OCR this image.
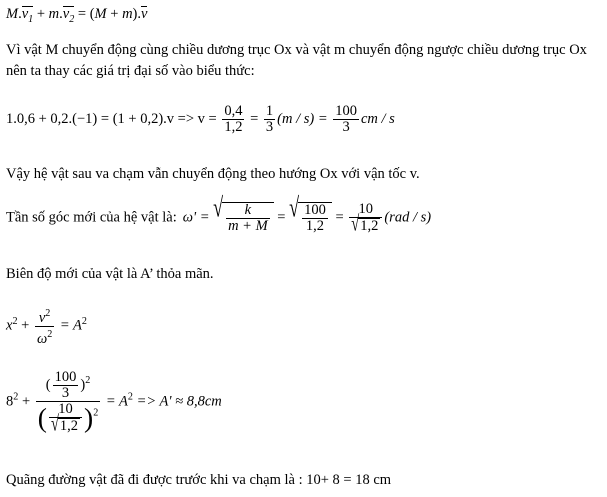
$M.v_1 + m.v_2 = (M + m).v$
Vì vật M chuyển động cùng chiều dương trục Ox và vật m chuyển động ngược chiều dương trục Ox nên ta thay các giá trị đại số vào biểu thức:
$1.0,6 + 0,2.(-1) = (1 + 0,2).v => v = \frac{0,4}{1,2} = \frac{1}{3} (m / s) = \frac{100}{3}$ cm / s
Vậy hệ vật sau va chạm vẫn chuyển động theo hướng Ox với vận tốc v.
Tần số góc mới của hệ vật là: ω' = √ $\frac{k}{m + M}$ = √ $\frac{100}{1,2} = \frac{10}{√ 1,2} (rad / s)$
Biên độ mới của vật là A’ thỏa mãn.
$x^2 + \frac{v^2}{\omega^2} = A^2$
$8^2 + \frac{( \frac{100}{3} )^2}{( \frac{10}{√ 1,2} )^2} = A^2 => A' \approx 8,8cm$
Quãng đường vật đã đi được trước khi va chạm là : 10+ 8 = 18 cm
